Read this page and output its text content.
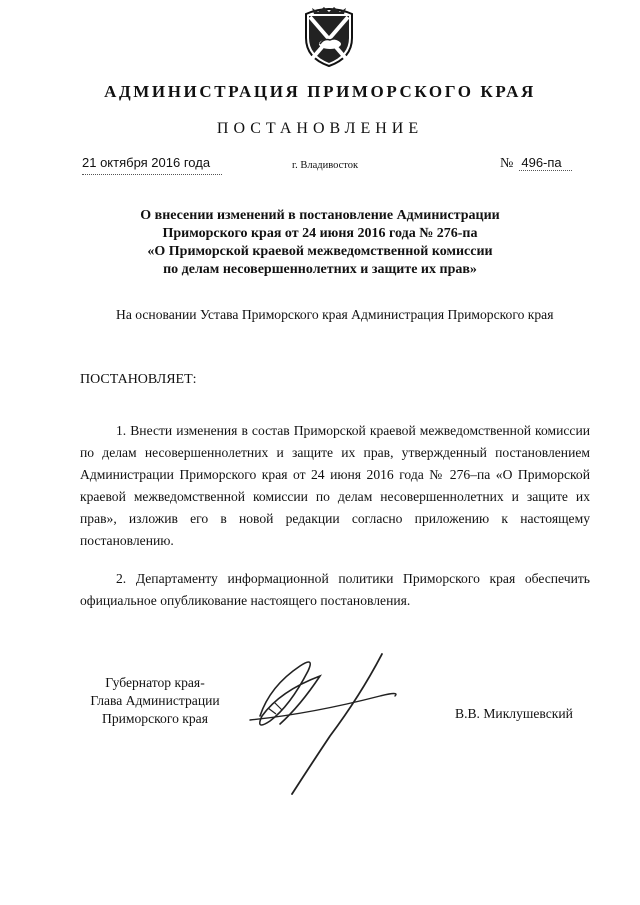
АДМИНИСТРАЦИЯ ПРИМОРСКОГО КРАЯ
ПОСТАНОВЛЕНИЕ
21 октября 2016 года	г. Владивосток	№ 496-па
О внесении изменений в постановление Администрации
Приморского края от 24 июня 2016 года № 276-па
«О Приморской краевой межведомственной комиссии
по делам несовершеннолетних и защите их прав»
На основании Устава Приморского края Администрация Приморского края
ПОСТАНОВЛЯЕТ:
1. Внести изменения в состав Приморской краевой межведомственной комиссии по делам несовершеннолетних и защите их прав, утвержденный постановлением Администрации Приморского края от 24 июня 2016 года № 276–па «О Приморской краевой межведомственной комиссии по делам несовершеннолетних и защите их прав», изложив его в новой редакции согласно приложению к настоящему постановлению.
2. Департаменту информационной политики Приморского края обеспечить официальное опубликование настоящего постановления.
Губернатор края-
Глава Администрации
Приморского края	В.В. Миклушевский
